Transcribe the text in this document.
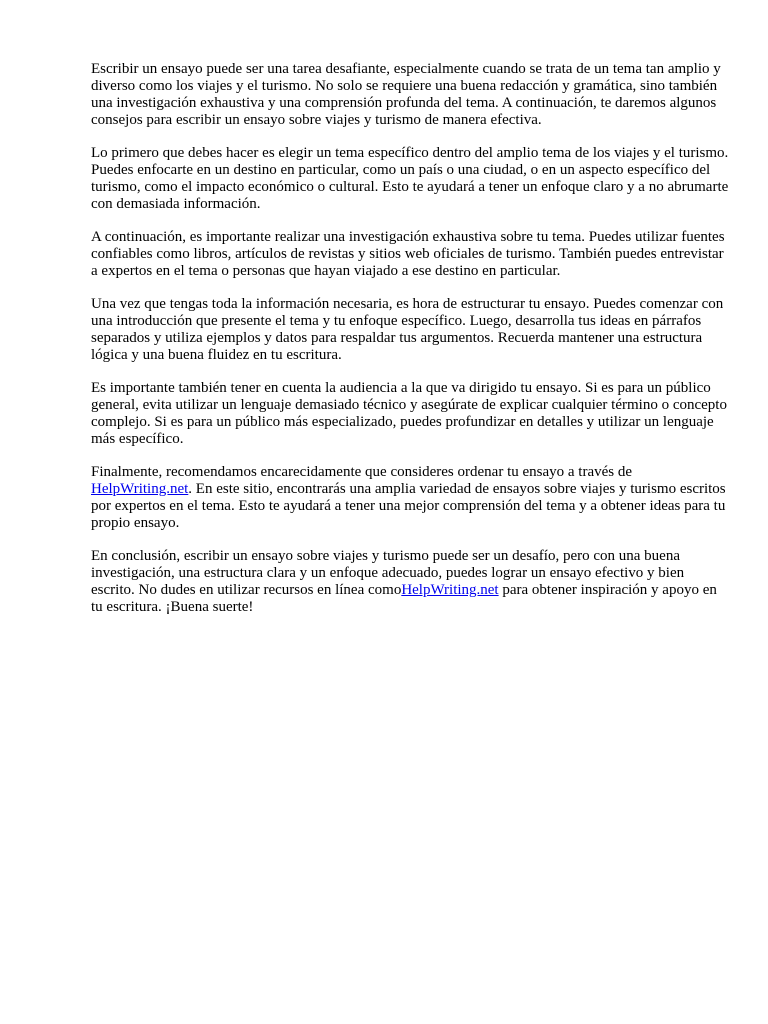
Escribir un ensayo puede ser una tarea desafiante, especialmente cuando se trata de un tema tan amplio y diverso como los viajes y el turismo. No solo se requiere una buena redacción y gramática, sino también una investigación exhaustiva y una comprensión profunda del tema. A continuación, te daremos algunos consejos para escribir un ensayo sobre viajes y turismo de manera efectiva.

Lo primero que debes hacer es elegir un tema específico dentro del amplio tema de los viajes y el turismo. Puedes enfocarte en un destino en particular, como un país o una ciudad, o en un aspecto específico del turismo, como el impacto económico o cultural. Esto te ayudará a tener un enfoque claro y a no abrumarte con demasiada información.

A continuación, es importante realizar una investigación exhaustiva sobre tu tema. Puedes utilizar fuentes confiables como libros, artículos de revistas y sitios web oficiales de turismo. También puedes entrevistar a expertos en el tema o personas que hayan viajado a ese destino en particular.

Una vez que tengas toda la información necesaria, es hora de estructurar tu ensayo. Puedes comenzar con una introducción que presente el tema y tu enfoque específico. Luego, desarrolla tus ideas en párrafos separados y utiliza ejemplos y datos para respaldar tus argumentos. Recuerda mantener una estructura lógica y una buena fluidez en tu escritura.

Es importante también tener en cuenta la audiencia a la que va dirigido tu ensayo. Si es para un público general, evita utilizar un lenguaje demasiado técnico y asegúrate de explicar cualquier término o concepto complejo. Si es para un público más especializado, puedes profundizar en detalles y utilizar un lenguaje más específico.

Finalmente, recomendamos encarecidamente que consideres ordenar tu ensayo a través de HelpWriting.net. En este sitio, encontrarás una amplia variedad de ensayos sobre viajes y turismo escritos por expertos en el tema. Esto te ayudará a tener una mejor comprensión del tema y a obtener ideas para tu propio ensayo.

En conclusión, escribir un ensayo sobre viajes y turismo puede ser un desafío, pero con una buena investigación, una estructura clara y un enfoque adecuado, puedes lograr un ensayo efectivo y bien escrito. No dudes en utilizar recursos en línea comoHelpWriting.net para obtener inspiración y apoyo en tu escritura. ¡Buena suerte!
